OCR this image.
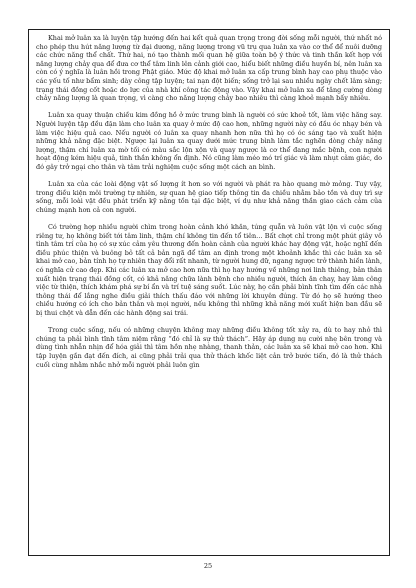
Khai mở luân xa là luyện tập hướng đến hai kết quả quan trọng trong đời sống mỗi người, thứ nhất nó cho phép thu hút năng lượng từ đại dương, năng lượng trong vũ trụ qua luân xa vào cơ thể để nuôi dưỡng các chức năng thể chất. Thứ hai, nó tạo thành mối quan hệ giữa toàn bộ ý thức và tinh thần kết hợp với năng lượng chảy qua để đưa cơ thể tâm linh lên cảnh giới cao, hiểu biết những điều huyền bí, nên luân xa còn có ý nghĩa là luân hồi trong Phật giáo. Mức độ khai mở luân xa cấp trung bình hay cao phụ thuộc vào các yếu tố như bẩm sinh; dày công tập luyện; tai nạn đột biến; sống trở lại sau nhiều ngày chết lâm sàng; trạng thái đồng cốt hoặc do lực của nhà khí công tác động vào. Vậy khai mở luân xa để tăng cường dòng chảy năng lượng là quan trọng, vì càng cho năng lượng chảy bao nhiêu thì càng khoẻ mạnh bấy nhiêu.

Luân xa quay thuận chiều kim đồng hồ ở mức trung bình là người có sức khoẻ tốt, làm việc hăng say. Người luyện tập đều đặn làm cho luân xa quay ở mức độ cao hơn, những người này có đầu óc nhạy bén và làm việc hiệu quả cao. Nếu người có luân xa quay nhanh hơn nữa thì họ có óc sáng tạo và xuất hiện những khả năng đặc biệt. Ngược lại luân xa quay dưới mức trung bình làm tắc nghẽn dòng chảy năng lượng, thậm chí luân xa mờ tối có màu sắc lộn xộn và quay ngược là cơ thể đang mắc bệnh, con người hoạt động kém hiệu quả, tinh thần không ổn định. Nó cũng làm méo mó trí giác và làm nhụt cảm giác, do đó gây trở ngại cho thân và tâm trải nghiệm cuộc sống một cách an bình.

Luân xa của các loài động vật số lượng ít hơn so với người và phát ra hào quang mờ mỏng. Tuy vậy, trong điều kiện môi trường tự nhiên, sự quan hệ giao tiếp thông tin đa chiều nhằm bảo tồn và duy trì sự sống, mỗi loài vật đều phát triển kỹ năng tồn tại đặc biệt, ví dụ như khả năng thần giao cách cảm của chúng mạnh hơn cả con người.

Có trường hợp nhiều người chìm trong hoàn cảnh khó khăn, túng quẫn và luôn vật lộn vì cuộc sống riêng tư, họ không biết tới tâm linh, thậm chí không tin đến tổ tiên… Bất chợt chỉ trong một phút giây vô tình tâm trí của họ có sự xúc cảm yêu thương đến hoàn cảnh của người khác hay động vật, hoặc nghĩ đến điều phúc thiện và buông bỏ tất cả bản ngã để tâm an định trong một khoảnh khắc thì các luân xa sẽ khai mở cao, bản tính họ tự nhiên thay đổi rất nhanh, từ người hung dữ, ngang ngược trở thành hiền lành, có nghĩa cử cao đẹp. Khi các luân xa mở cao hơn nữa thì họ hay hướng về những nơi linh thiêng, bản thân xuất hiện trạng thái đồng cốt, có khả năng chữa lành bệnh cho nhiều người, thích ăn chay, hay làm công việc từ thiện, thích khám phá sự bí ẩn và trí tuệ sáng suốt. Lúc này, họ cần phải bình tĩnh tìm đến các nhà thông thái để lắng nghe điều giải thích thấu đáo với những lời khuyên đúng. Từ đó họ sẽ hướng theo chiều hướng có ích cho bản thân và mọi người, nếu không thì những khả năng mới xuất hiện ban đầu sẽ bị thui chột và dẫn đến các hành động sai trái.

Trong cuộc sống, nếu có những chuyện không may những điều không tốt xảy ra, dù to hay nhỏ thì chúng ta phải bình tĩnh tâm niệm rằng “đó chỉ là sự thử thách”. Hãy áp dụng nụ cười nhẹ bên trong và dùng tình nhẫn nhịn để hóa giải thì tâm hồn nhẹ nhàng, thanh thản, các luân xa sẽ khai mở cao hơn. Khi tập luyện gần đạt đến đích, ai cũng phải trải qua thử thách khốc liệt cản trở bước tiến, đó là thử thách cuối cùng nhằm nhắc nhở mỗi người phải luôn gìn

25
